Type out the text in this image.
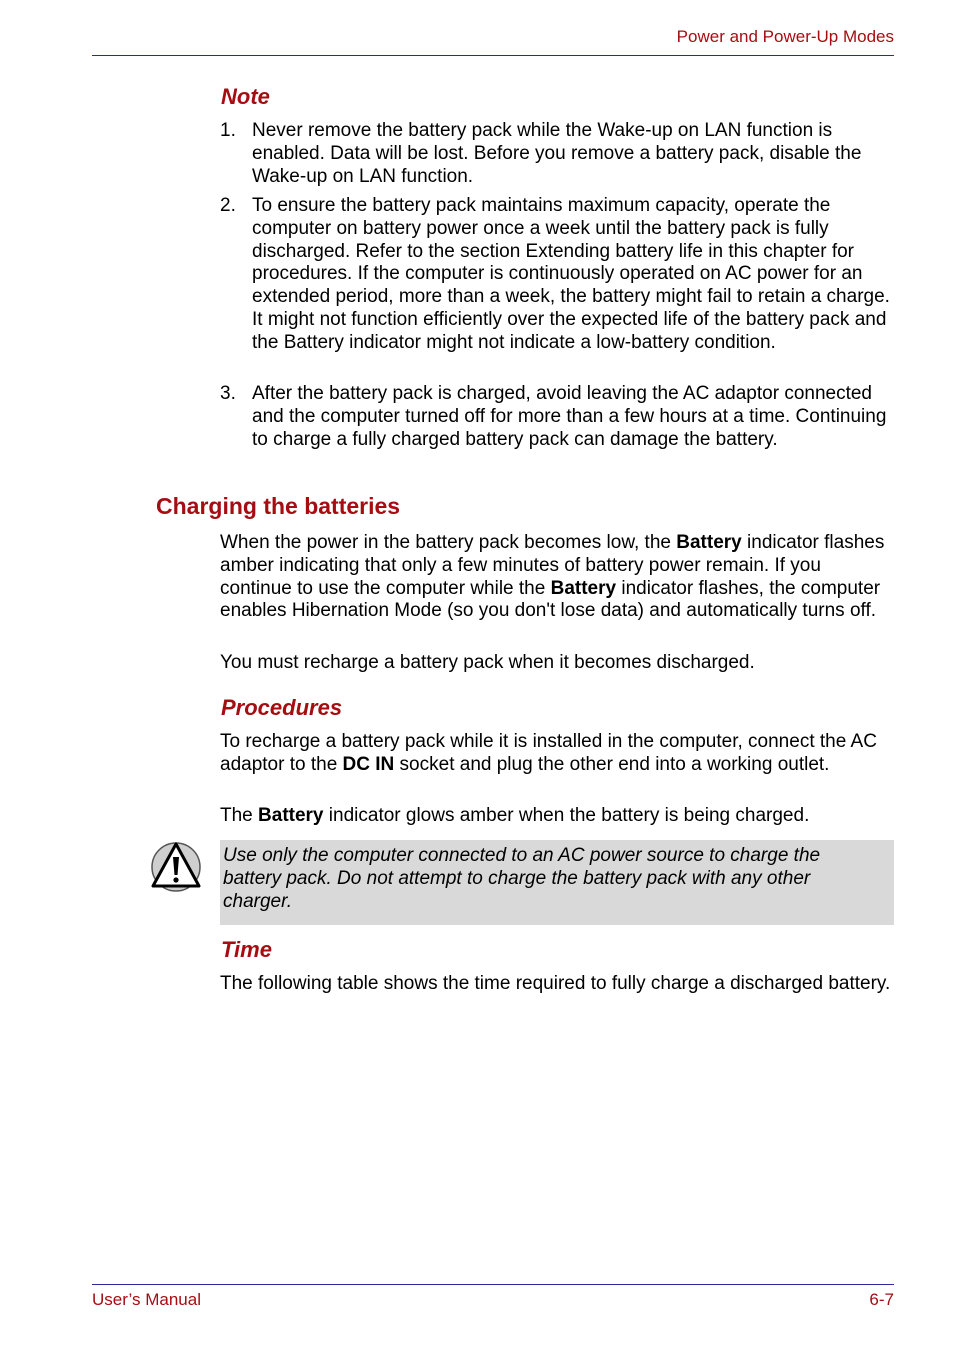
Power and Power-Up Modes
Note
1. Never remove the battery pack while the Wake-up on LAN function is enabled. Data will be lost. Before you remove a battery pack, disable the Wake-up on LAN function.
2. To ensure the battery pack maintains maximum capacity, operate the computer on battery power once a week until the battery pack is fully discharged. Refer to the section Extending battery life in this chapter for procedures. If the computer is continuously operated on AC power for an extended period, more than a week, the battery might fail to retain a charge. It might not function efficiently over the expected life of the battery pack and the Battery indicator might not indicate a low-battery condition.
3. After the battery pack is charged, avoid leaving the AC adaptor connected and the computer turned off for more than a few hours at a time. Continuing to charge a fully charged battery pack can damage the battery.
Charging the batteries
When the power in the battery pack becomes low, the Battery indicator flashes amber indicating that only a few minutes of battery power remain. If you continue to use the computer while the Battery indicator flashes, the computer enables Hibernation Mode (so you don't lose data) and automatically turns off.
You must recharge a battery pack when it becomes discharged.
Procedures
To recharge a battery pack while it is installed in the computer, connect the AC adaptor to the DC IN socket and plug the other end into a working outlet.
The Battery indicator glows amber when the battery is being charged.
Use only the computer connected to an AC power source to charge the battery pack. Do not attempt to charge the battery pack with any other charger.
Time
The following table shows the time required to fully charge a discharged battery.
User’s Manual	6-7
